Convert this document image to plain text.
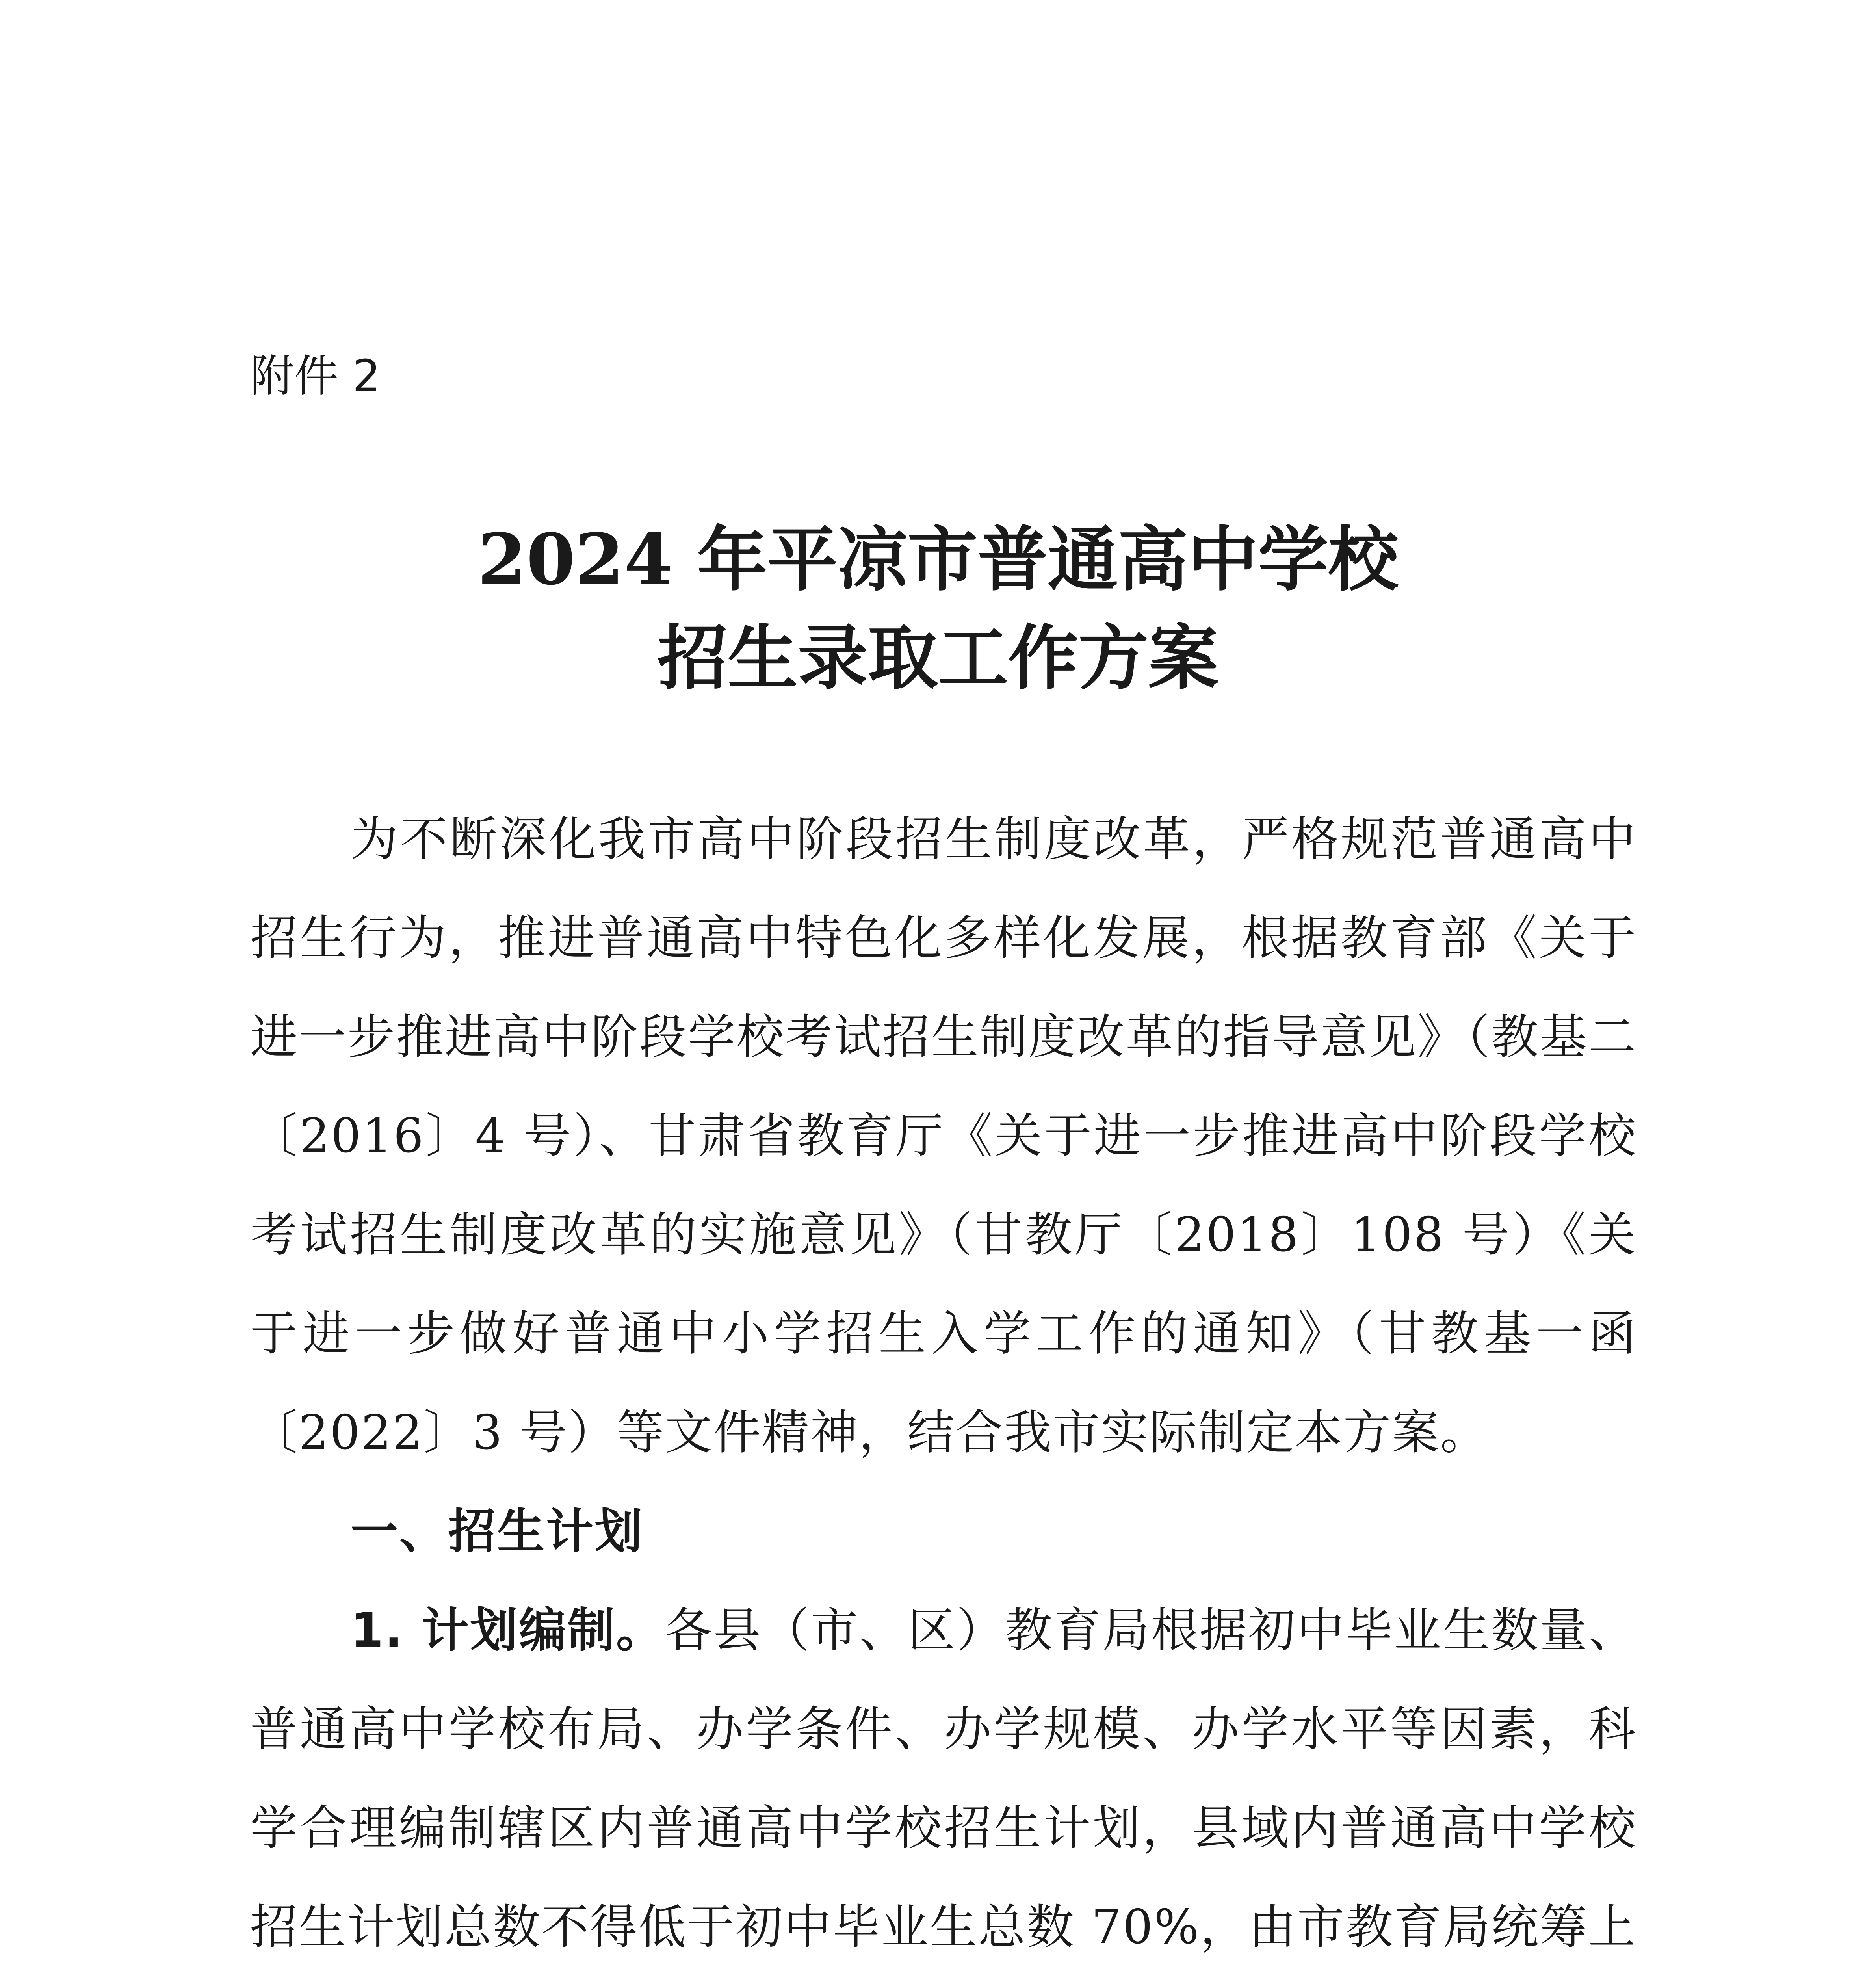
附件 2
2024 年平凉市普通高中学校
招生录取工作方案

为不断深化我市高中阶段招生制度改革，严格规范普通高中招生行为，推进普通高中特色化多样化发展，根据教育部《关于进一步推进高中阶段学校考试招生制度改革的指导意见》（教基二〔2016〕4 号）、甘肃省教育厅《关于进一步推进高中阶段学校考试招生制度改革的实施意见》（甘教厅〔2018〕108 号）《关于进一步做好普通中小学招生入学工作的通知》（甘教基一函〔2022〕3 号）等文件精神，结合我市实际制定本方案。

一、招生计划

1. 计划编制。各县（市、区）教育局根据初中毕业生数量、普通高中学校布局、办学条件、办学规模、办学水平等因素，科学合理编制辖区内普通高中学校招生计划，县域内普通高中学校招生计划总数不得低于初中毕业生总数 70%，由市教育局统筹上
